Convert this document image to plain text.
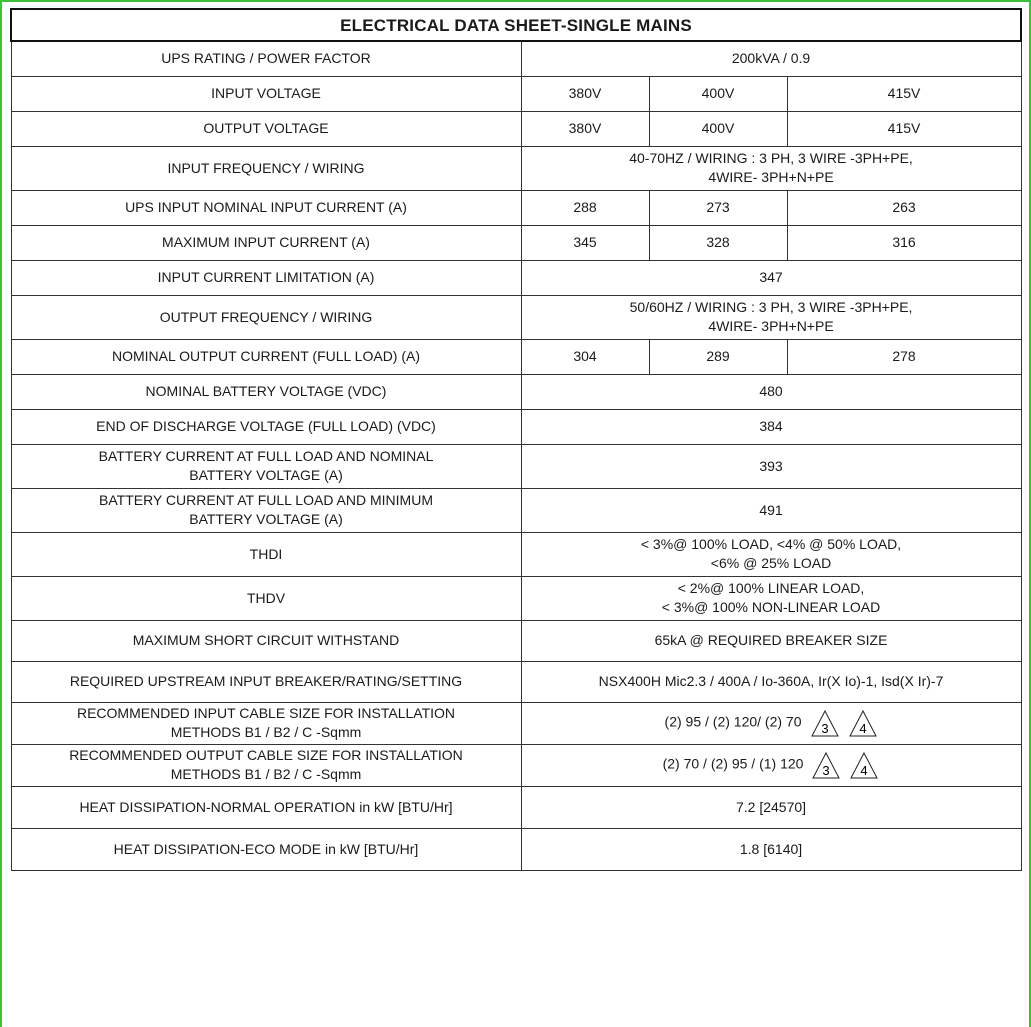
ELECTRICAL DATA SHEET-SINGLE MAINS			
UPS RATING / POWER FACTOR	200kVA / 0.9		
INPUT VOLTAGE	380V	400V	415V
OUTPUT VOLTAGE	380V	400V	415V
INPUT FREQUENCY / WIRING	40-70HZ / WIRING : 3 PH, 3 WIRE -3PH+PE,
4WIRE- 3PH+N+PE		
UPS INPUT NOMINAL INPUT CURRENT (A)	288	273	263
MAXIMUM INPUT CURRENT (A)	345	328	316
INPUT CURRENT LIMITATION (A)	347		
OUTPUT FREQUENCY / WIRING	50/60HZ / WIRING : 3 PH, 3 WIRE -3PH+PE,
4WIRE- 3PH+N+PE		
NOMINAL OUTPUT CURRENT (FULL LOAD) (A)	304	289	278
NOMINAL BATTERY VOLTAGE (VDC)	480		
END OF DISCHARGE VOLTAGE (FULL LOAD) (VDC)	384		
BATTERY CURRENT AT FULL LOAD AND NOMINAL
BATTERY VOLTAGE (A)	393		
BATTERY CURRENT AT FULL LOAD AND MINIMUM
BATTERY VOLTAGE (A)	491		
THDI	< 3%@ 100% LOAD, <4% @ 50% LOAD,
<6% @ 25% LOAD		
THDV	< 2%@ 100% LINEAR LOAD,
< 3%@ 100% NON-LINEAR LOAD		
MAXIMUM SHORT CIRCUIT WITHSTAND	65kA @ REQUIRED BREAKER SIZE		
REQUIRED UPSTREAM INPUT BREAKER/RATING/SETTING	NSX400H Mic2.3 / 400A / Io-360A, Ir(X Io)-1, Isd(X Ir)-7		
RECOMMENDED INPUT CABLE SIZE FOR INSTALLATION
METHODS B1 / B2 / C -Sqmm	(2) 95 / (2) 120/ (2) 70 3 4		

RECOMMENDED OUTPUT CABLE SIZE FOR INSTALLATION
METHODS B1 / B2 / C -Sqmm	(2) 70 / (2) 95 / (1) 120 3 4		

HEAT DISSIPATION-NORMAL OPERATION in kW [BTU/Hr]	7.2 [24570]		
HEAT DISSIPATION-ECO MODE in kW [BTU/Hr]	1.8 [6140]		
